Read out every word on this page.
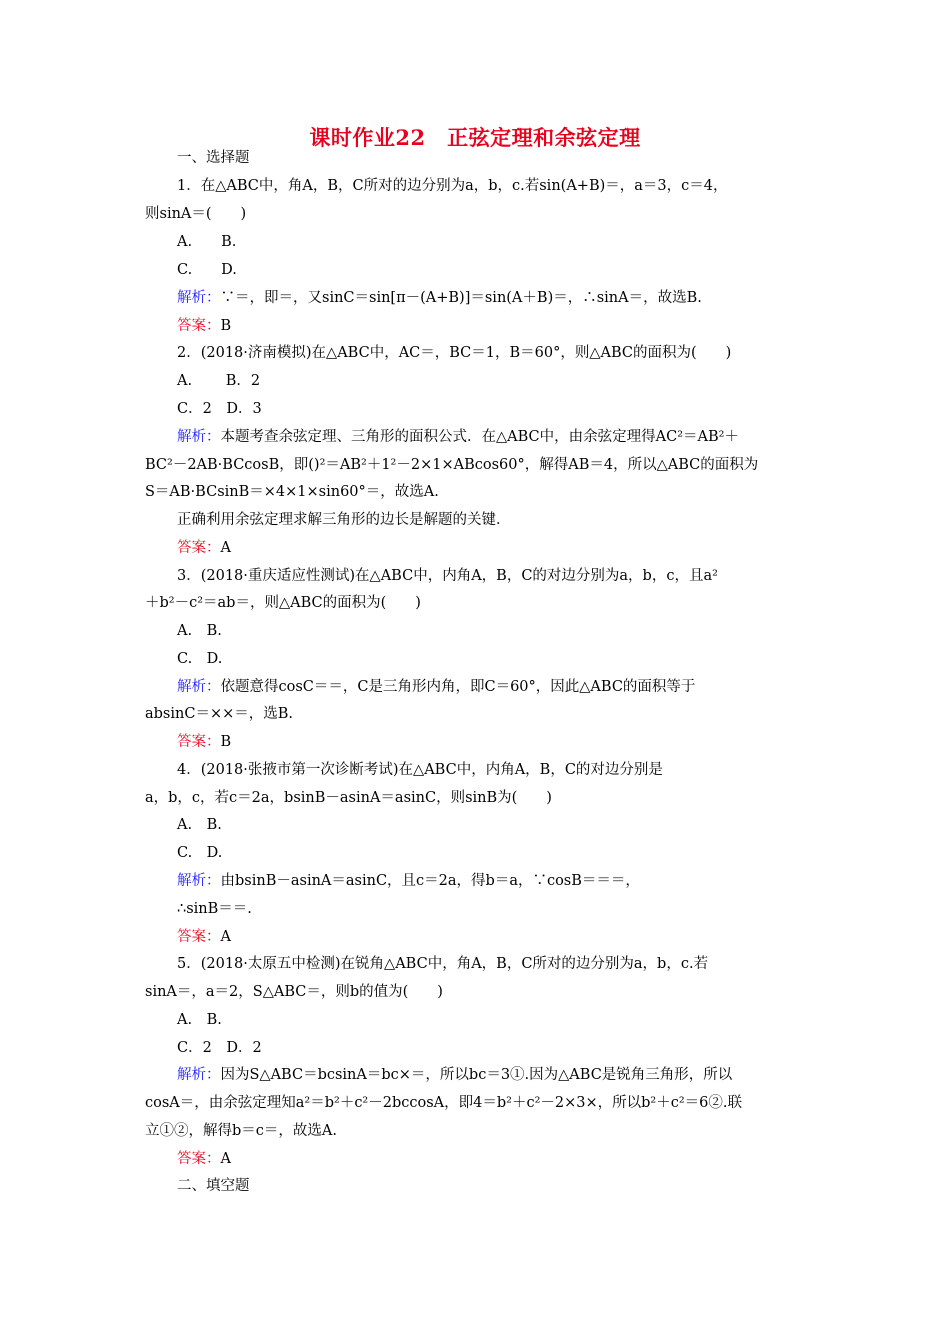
课时作业22　正弦定理和余弦定理
一、选择题
1．在△ABC中，角A，B，C所对的边分别为a，b，c.若sin(A+B)＝，a＝3，c＝4，
则sinA＝(　　)
A.　　B.
C.　　D.
解析：∵＝，即＝，又sinC＝sin[π－(A+B)]＝sin(A＋B)＝，∴sinA＝，故选B.
答案：B
2．(2018·济南模拟)在△ABC中，AC＝，BC＝1，B＝60°，则△ABC的面积为(　　)
A.　　 B．2
C．2　D．3
解析：本题考查余弦定理、三角形的面积公式．在△ABC中，由余弦定理得AC²＝AB²＋
BC²－2AB·BCcosB，即()²＝AB²＋1²－2×1×ABcos60°，解得AB＝4，所以△ABC的面积为
S＝AB·BCsinB＝×4×1×sin60°＝，故选A.
正确利用余弦定理求解三角形的边长是解题的关键．
答案：A
3．(2018·重庆适应性测试)在△ABC中，内角A，B，C的对边分别为a，b，c，且a²
＋b²－c²＝ab＝，则△ABC的面积为(　　)
A.　B.
C.　D.
解析：依题意得cosC＝＝，C是三角形内角，即C＝60°，因此△ABC的面积等于
absinC＝××＝，选B.
答案：B
4．(2018·张掖市第一次诊断考试)在△ABC中，内角A，B，C的对边分别是
a，b，c，若c＝2a，bsinB－asinA＝asinC，则sinB为(　　)
A.　B.
C.　D.
解析：由bsinB－asinA＝asinC，且c＝2a，得b＝a，∵cosB＝＝＝，
∴sinB＝＝.
答案：A
5．(2018·太原五中检测)在锐角△ABC中，角A，B，C所对的边分别为a，b，c.若
sinA＝，a＝2，S△ABC＝，则b的值为(　　)
A.　B.
C．2　D．2
解析：因为S△ABC＝bcsinA＝bc×＝，所以bc＝3①.因为△ABC是锐角三角形，所以
cosA＝，由余弦定理知a²＝b²＋c²－2bccosA，即4＝b²＋c²－2×3×，所以b²＋c²＝6②.联
立①②，解得b＝c＝，故选A.
答案：A
二、填空题
